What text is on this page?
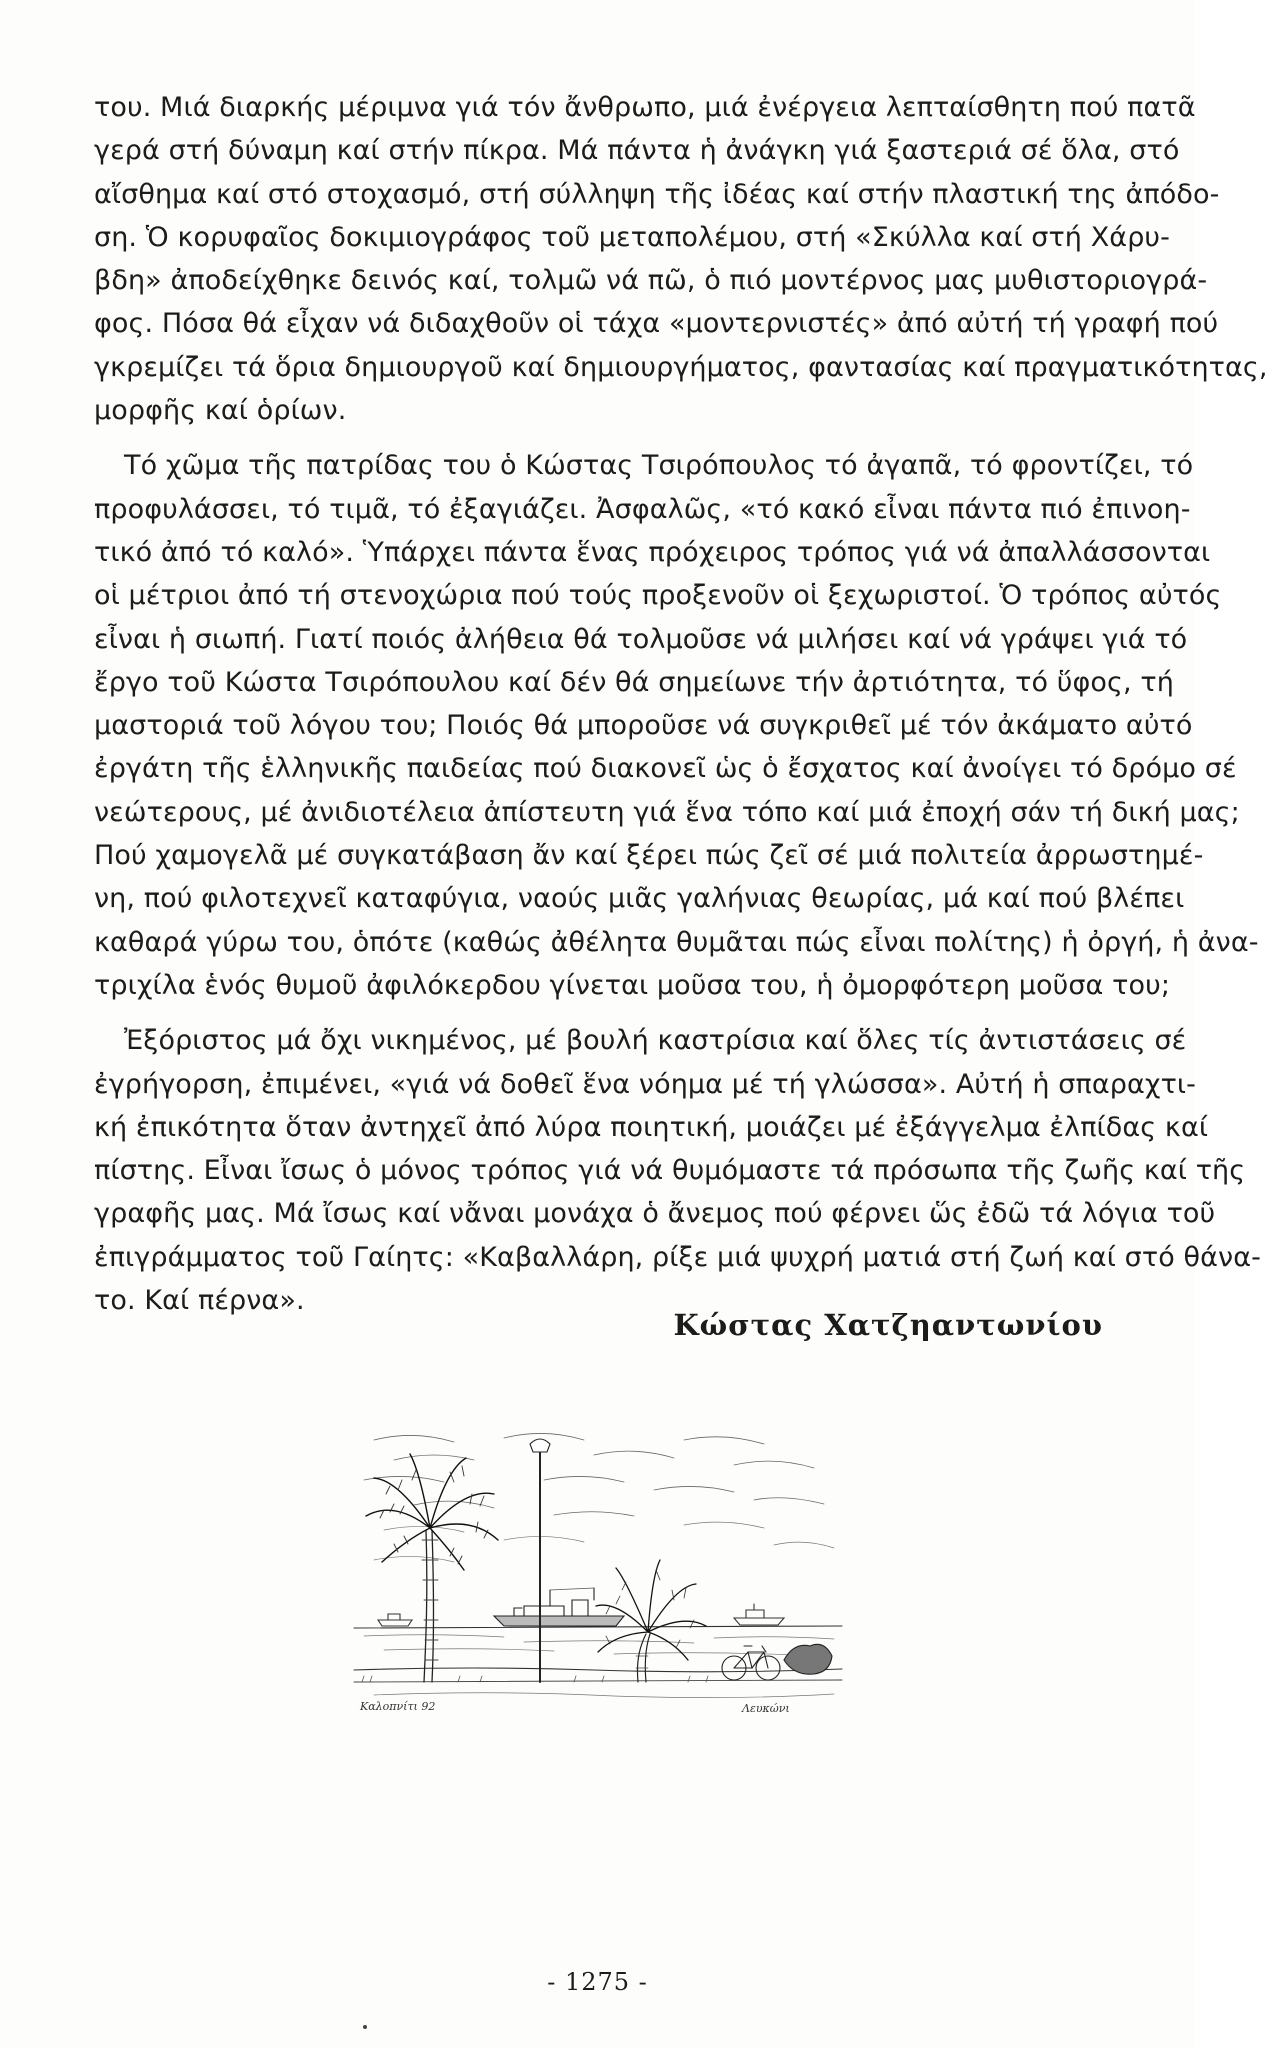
του. Μιά διαρκής μέριμνα γιά τόν ἄνθρωπο, μιά ἐνέργεια λεπταίσθητη πού πατᾶ
γερά στή δύναμη καί στήν πίκρα. Μά πάντα ἡ ἀνάγκη γιά ξαστεριά σέ ὅλα, στό
αἴσθημα καί στό στοχασμό, στή σύλληψη τῆς ἰδέας καί στήν πλαστική της ἀπόδο-
ση. Ὁ κορυφαῖος δοκιμιογράφος τοῦ μεταπολέμου, στή «Σκύλλα καί στή Χάρυ-
βδη» ἀποδείχθηκε δεινός καί, τολμῶ νά πῶ, ὁ πιό μοντέρνος μας μυθιστοριογρά-
φος. Πόσα θά εἶχαν νά διδαχθοῦν οἱ τάχα «μοντερνιστές» ἀπό αὐτή τή γραφή πού
γκρεμίζει τά ὅρια δημιουργοῦ καί δημιουργήματος, φαντασίας καί πραγματικότητας,
μορφῆς καί ὁρίων.
Τό χῶμα τῆς πατρίδας του ὁ Κώστας Τσιρόπουλος τό ἀγαπᾶ, τό φροντίζει, τό
προφυλάσσει, τό τιμᾶ, τό ἐξαγιάζει. Ἀσφαλῶς, «τό κακό εἶναι πάντα πιό ἐπινοη-
τικό ἀπό τό καλό». Ὑπάρχει πάντα ἕνας πρόχειρος τρόπος γιά νά ἀπαλλάσσονται
οἱ μέτριοι ἀπό τή στενοχώρια πού τούς προξενοῦν οἱ ξεχωριστοί. Ὁ τρόπος αὐτός
εἶναι ἡ σιωπή. Γιατί ποιός ἀλήθεια θά τολμοῦσε νά μιλήσει καί νά γράψει γιά τό
ἔργο τοῦ Κώστα Τσιρόπουλου καί δέν θά σημείωνε τήν ἀρτιότητα, τό ὕφος, τή
μαστοριά τοῦ λόγου του; Ποιός θά μποροῦσε νά συγκριθεῖ μέ τόν ἀκάματο αὐτό
ἐργάτη τῆς ἑλληνικῆς παιδείας πού διακονεῖ ὡς ὁ ἔσχατος καί ἀνοίγει τό δρόμο σέ
νεώτερους, μέ ἀνιδιοτέλεια ἀπίστευτη γιά ἕνα τόπο καί μιά ἐποχή σάν τή δική μας;
Πού χαμογελᾶ μέ συγκατάβαση ἄν καί ξέρει πώς ζεῖ σέ μιά πολιτεία ἀρρωστημέ-
νη, πού φιλοτεχνεῖ καταφύγια, ναούς μιᾶς γαλήνιας θεωρίας, μά καί πού βλέπει
καθαρά γύρω του, ὁπότε (καθώς ἀθέλητα θυμᾶται πώς εἶναι πολίτης) ἡ ὀργή, ἡ ἀνα-
τριχίλα ἑνός θυμοῦ ἀφιλόκερδου γίνεται μοῦσα του, ἡ ὀμορφότερη μοῦσα του;
Ἐξόριστος μά ὄχι νικημένος, μέ βουλή καστρίσια καί ὅλες τίς ἀντιστάσεις σέ
ἐγρήγορση, ἐπιμένει, «γιά νά δοθεῖ ἕνα νόημα μέ τή γλώσσα». Αὐτή ἡ σπαραχτι-
κή ἐπικότητα ὅταν ἀντηχεῖ ἀπό λύρα ποιητική, μοιάζει μέ ἐξάγγελμα ἐλπίδας καί
πίστης. Εἶναι ἴσως ὁ μόνος τρόπος γιά νά θυμόμαστε τά πρόσωπα τῆς ζωῆς καί τῆς
γραφῆς μας. Μά ἴσως καί νἄναι μονάχα ὁ ἄνεμος πού φέρνει ὥς ἐδῶ τά λόγια τοῦ
ἐπιγράμματος τοῦ Γαίητς: «Καβαλλάρη, ρίξε μιά ψυχρή ματιά στή ζωή καί στό θάνα-
το. Καί πέρνα».
Κώστας Χατζηαντωνίου
Καλοπνίτι 92	Λευκώνι
- 1275 -
